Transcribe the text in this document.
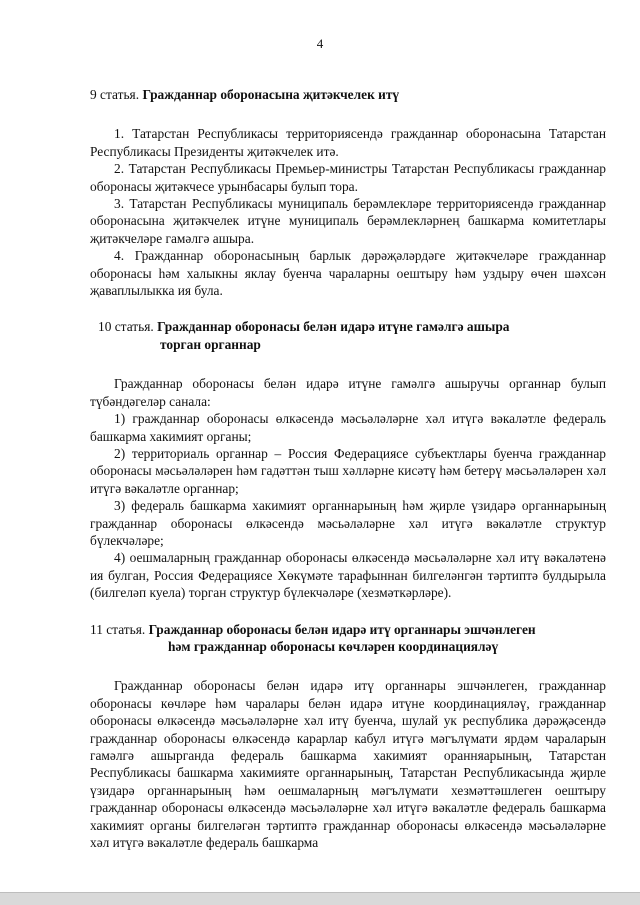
4

9 статья. Гражданнар оборонасына җитәкчелек итү

1. Татарстан Республикасы территориясендә гражданнар оборонасына Татарстан Республикасы Президенты җитәкчелек итә.

2. Татарстан Республикасы Премьер-министры Татарстан Республикасы гражданнар оборонасы җитәкчесе урынбасары булып тора.

3. Татарстан Республикасы муниципаль берәмлекләре территориясендә гражданнар оборонасына җитәкчелек итүне муниципаль берәмлекләрнең башкарма комитетлары җитәкчеләре гамәлгә ашыра.

4. Гражданнар оборонасының барлык дәрәҗәләрдәге җитәкчеләре гражданнар оборонасы һәм халыкны яклау буенча чараларны оештыру һәм уздыру өчен шәхсән җаваплылыкка ия була.

10 статья. Гражданнар оборонасы белән идарә итүне гамәлгә ашыра
торган органнар

Гражданнар оборонасы белән идарә итүне гамәлгә ашыручы органнар булып түбәндәгеләр санала:

1) гражданнар оборонасы өлкәсендә мәсьәләләрне хәл итүгә вәкаләтле федераль башкарма хакимият органы;

2) территориаль органнар – Россия Федерациясе субъектлары буенча гражданнар оборонасы мәсьәләләрен һәм гадәттән тыш хәлләрне кисәтү һәм бетерү мәсьәләләрен хәл итүгә вәкаләтле органнар;

3) федераль башкарма хакимият органнарының һәм җирле үзидарә органнарының гражданнар оборонасы өлкәсендә мәсьәләләрне хәл итүгә вәкаләтле структур бүлекчәләре;

4) оешмаларның гражданнар оборонасы өлкәсендә мәсьәләләрне хәл итү вәкаләтенә ия булган, Россия Федерациясе Хөкүмәте тарафыннан билгеләнгән тәртиптә булдырыла (билгеләп куела) торган структур бүлекчәләре (хезмәткәрләре).

11 статья. Гражданнар оборонасы белән идарә итү органнары эшчәнлеген
һәм гражданнар оборонасы көчләрен координацияләү

Гражданнар оборонасы белән идарә итү органнары эшчәнлеген, гражданнар оборонасы көчләре һәм чаралары белән идарә итүне координацияләү, гражданнар оборонасы өлкәсендә мәсьәләләрне хәл итү буенча, шулай ук республика дәрәҗәсендә гражданнар оборонасы өлкәсендә карарлар кабул итүгә мәгълүмати ярдәм чараларын гамәлгә ашырганда федераль башкарма хакимият оранняарының, Татарстан Республикасы башкарма хакимияте органнарының, Татарстан Республикасында җирле үзидарә органнарының һәм оешмаларның мәгълүмати хезмәттәшлеген оештыру гражданнар оборонасы өлкәсендә мәсьәләләрне хәл итүгә вәкаләтле федераль башкарма хакимият органы билгеләгән тәртиптә гражданнар оборонасы өлкәсендә мәсьәләләрне хәл итүгә вәкаләтле федераль башкарма
